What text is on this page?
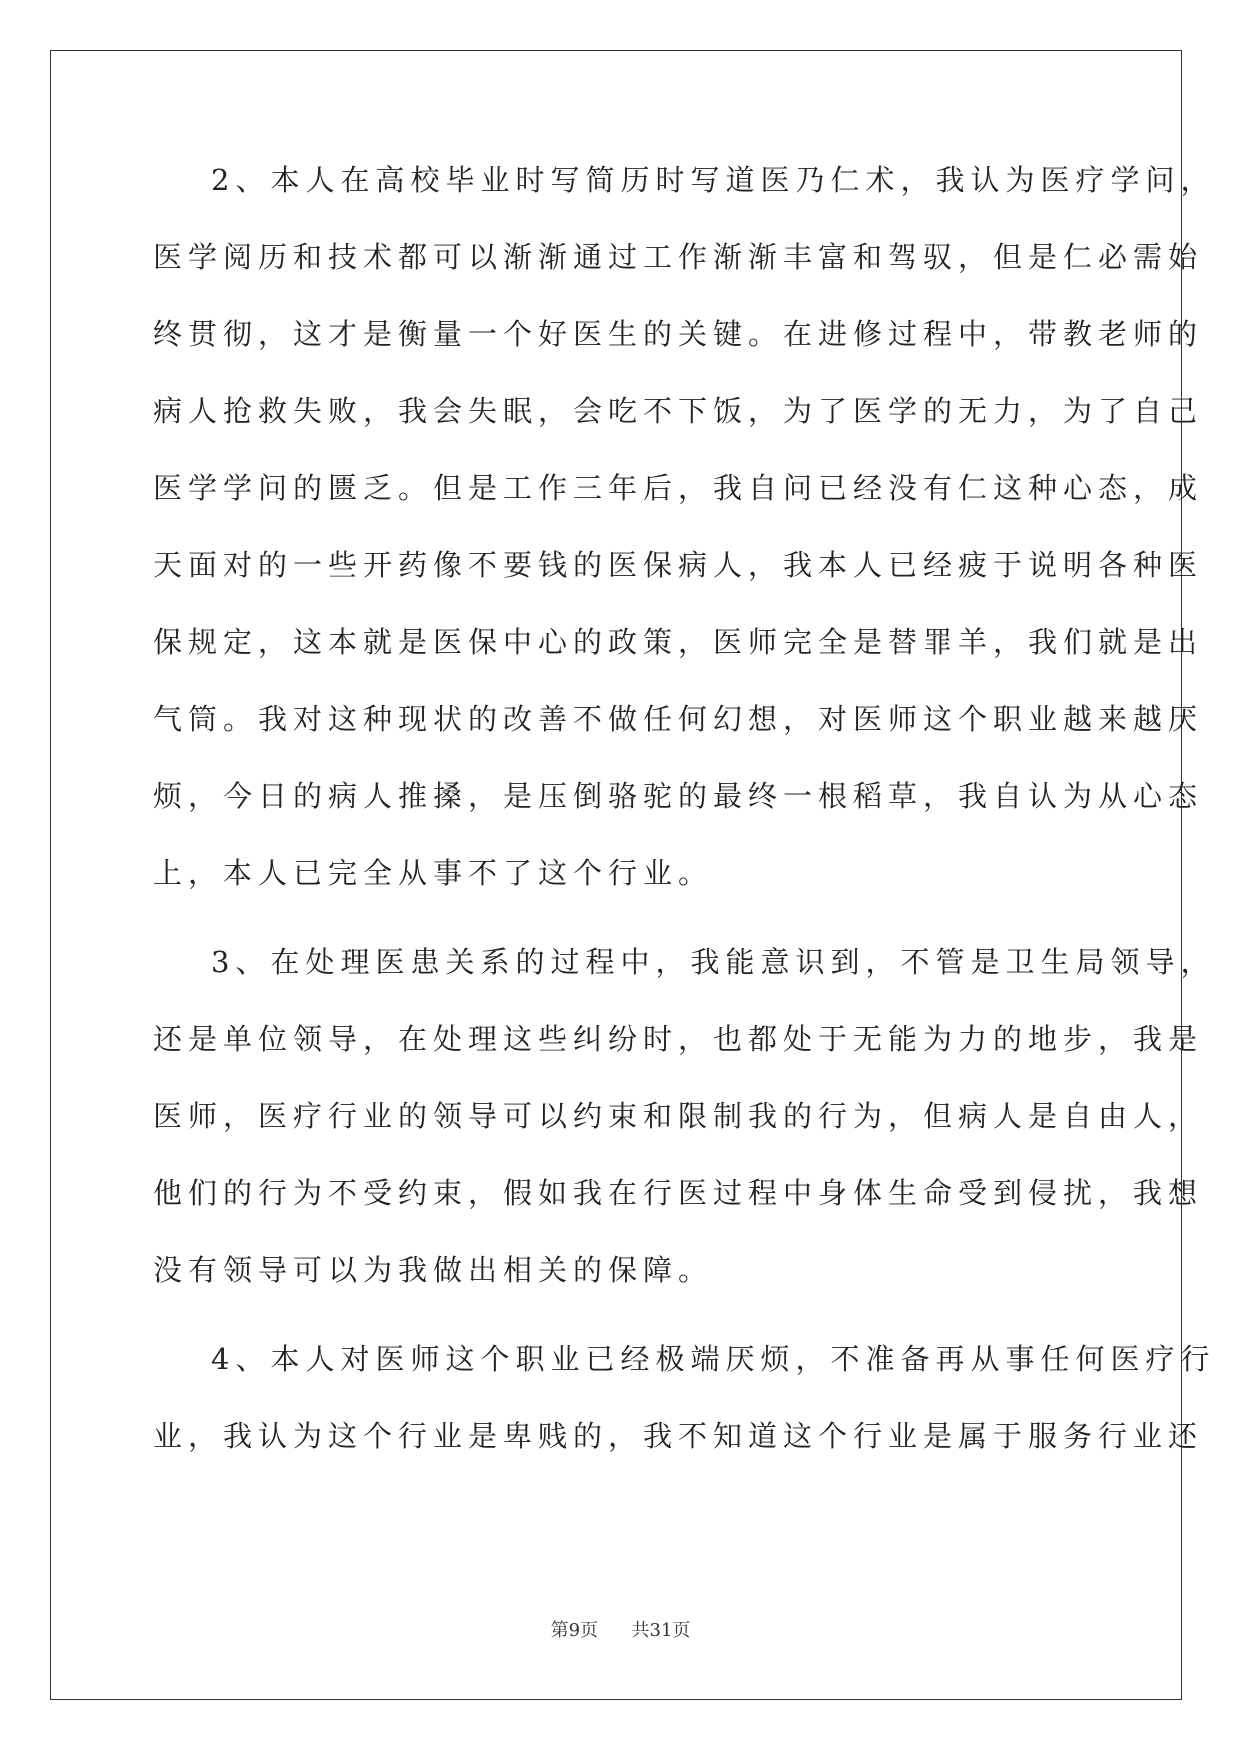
2、本人在高校毕业时写简历时写道医乃仁术，我认为医疗学问，
医学阅历和技术都可以渐渐通过工作渐渐丰富和驾驭，但是仁必需始
终贯彻，这才是衡量一个好医生的关键。在进修过程中，带教老师的
病人抢救失败，我会失眠，会吃不下饭，为了医学的无力，为了自己
医学学问的匮乏。但是工作三年后，我自问已经没有仁这种心态，成
天面对的一些开药像不要钱的医保病人，我本人已经疲于说明各种医
保规定，这本就是医保中心的政策，医师完全是替罪羊，我们就是出
气筒。我对这种现状的改善不做任何幻想，对医师这个职业越来越厌
烦，今日的病人推搡，是压倒骆驼的最终一根稻草，我自认为从心态
上，本人已完全从事不了这个行业。
3、在处理医患关系的过程中，我能意识到，不管是卫生局领导，
还是单位领导，在处理这些纠纷时，也都处于无能为力的地步，我是
医师，医疗行业的领导可以约束和限制我的行为，但病人是自由人，
他们的行为不受约束，假如我在行医过程中身体生命受到侵扰，我想
没有领导可以为我做出相关的保障。
4、本人对医师这个职业已经极端厌烦，不准备再从事任何医疗行
业，我认为这个行业是卑贱的，我不知道这个行业是属于服务行业还
第9页 共31页
